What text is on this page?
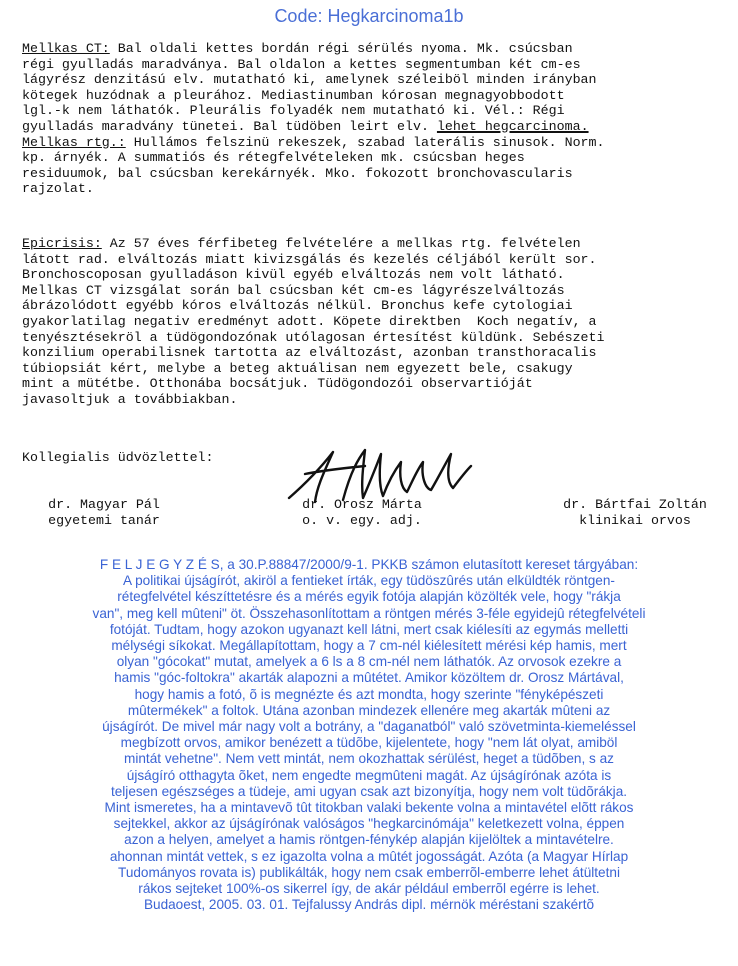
Code: Hegkarcinoma1b
Mellkas CT: Bal oldali kettes bordán régi sérülés nyoma. Mk. csúcsban
régi gyulladás maradványa. Bal oldalon a kettes segmentumban két cm-es
lágyrész denzitású elv. mutatható ki, amelynek széleiböl minden irányban
kötegek huzódnak a pleurához. Mediastinumban kórosan megnagyobbodott
lgl.-k nem láthatók. Pleurális folyadék nem mutatható ki. Vél.: Régi
gyulladás maradvány tünetei. Bal tüdöben leirt elv. lehet hegcarcinoma.
Mellkas rtg.: Hullámos felszinü rekeszek, szabad laterális sinusok. Norm.
kp. árnyék. A summatiós és rétegfelvételeken mk. csúcsban heges
residuumok, bal csúcsban kerekárnyék. Mko. fokozott bronchovascularis
rajzolat.
Epicrisis: Az 57 éves férfibeteg felvételére a mellkas rtg. felvételen
látott rad. elváltozás miatt kivizsgálás és kezelés céljából került sor.
Bronchoscoposan gyulladáson kivül egyéb elváltozás nem volt látható.
Mellkas CT vizsgálat során bal csúcsban két cm-es lágyrészelváltozás
ábrázolódott egyébb kóros elváltozás nélkül. Bronchus kefe cytologiai
gyakorlatilag negativ eredményt adott. Köpete direktben  Koch negatív, a
tenyésztésekröl a tüdögondozónak utólagosan értesítést küldünk. Sebészeti
konzilium operabilisnek tartotta az elváltozást, azonban transthoracalis
túbiopsiát kért, melybe a beteg aktuálisan nem egyezett bele, csakugy
mint a mütétbe. Otthonába bocsátjuk. Tüdögondozói observartióját
javasoltjuk a továbbiakban.
Kollegialis üdvözlettel:
dr. Magyar Pál
egyetemi tanár
dr. Orosz Márta
o. v. egy. adj.
dr. Bártfai Zoltán
klinikai orvos
F E L J E G Y Z É S, a 30.P.88847/2000/9-1. PKKB számon elutasított kereset tárgyában:
A politikai újságírót, akiröl a fentieket írták, egy tüdöszûrés után elküldték röntgen-
rétegfelvétel készíttetésre és a mérés egyik fotója alapján közölték vele, hogy "rákja
van", meg kell mûteni" öt. Összehasonlítottam a röntgen mérés 3-féle egyidejû rétegfelvételi
fotóját. Tudtam, hogy azokon ugyanazt kell látni, mert csak kiélesíti az egymás melletti
mélységi síkokat. Megállapítottam, hogy a 7 cm-nél kiélesített mérési kép hamis, mert
olyan "gócokat" mutat, amelyek a 6 ls a 8 cm-nél nem láthatók. Az orvosok ezekre a
hamis "góc-foltokra" akarták alapozni a mûtétet. Amikor közöltem dr. Orosz Mártával,
hogy hamis a fotó, õ is megnézte és azt mondta, hogy szerinte "fényképészeti
mûtermékek" a foltok. Utána azonban mindezek ellenére meg akarták mûteni az
újságírót. De mivel már nagy volt a botrány, a "daganatból" való szövetminta-kiemeléssel
megbízott orvos, amikor benézett a tüdõbe, kijelentete, hogy "nem lát olyat, amiböl
mintát vehetne". Nem vett mintát, nem okozhattak sérülést, heget a tüdõben, s az
újságíró otthagyta õket, nem engedte megmûteni magát. Az újságírónak azóta is
teljesen egészséges a tüdeje, ami ugyan csak azt bizonyítja, hogy nem volt tüdõrákja.
Mint ismeretes, ha a mintavevõ tût titokban valaki bekente volna a mintavétel elõtt rákos
sejtekkel, akkor az újságírónak valóságos "hegkarcinómája" keletkezett volna, éppen
azon a helyen, amelyet a hamis röntgen-fénykép alapján kijelöltek a mintavételre.
ahonnan mintát vettek, s ez igazolta volna a mûtét jogosságát. Azóta (a Magyar Hírlap
Tudományos rovata is) publikálták, hogy nem csak emberrõl-emberre lehet átültetni
rákos sejteket 100%-os sikerrel így, de akár például emberrõl egérre is lehet.
Budaoest, 2005. 03. 01. Tejfalussy András dipl. mérnök méréstani szakértõ
